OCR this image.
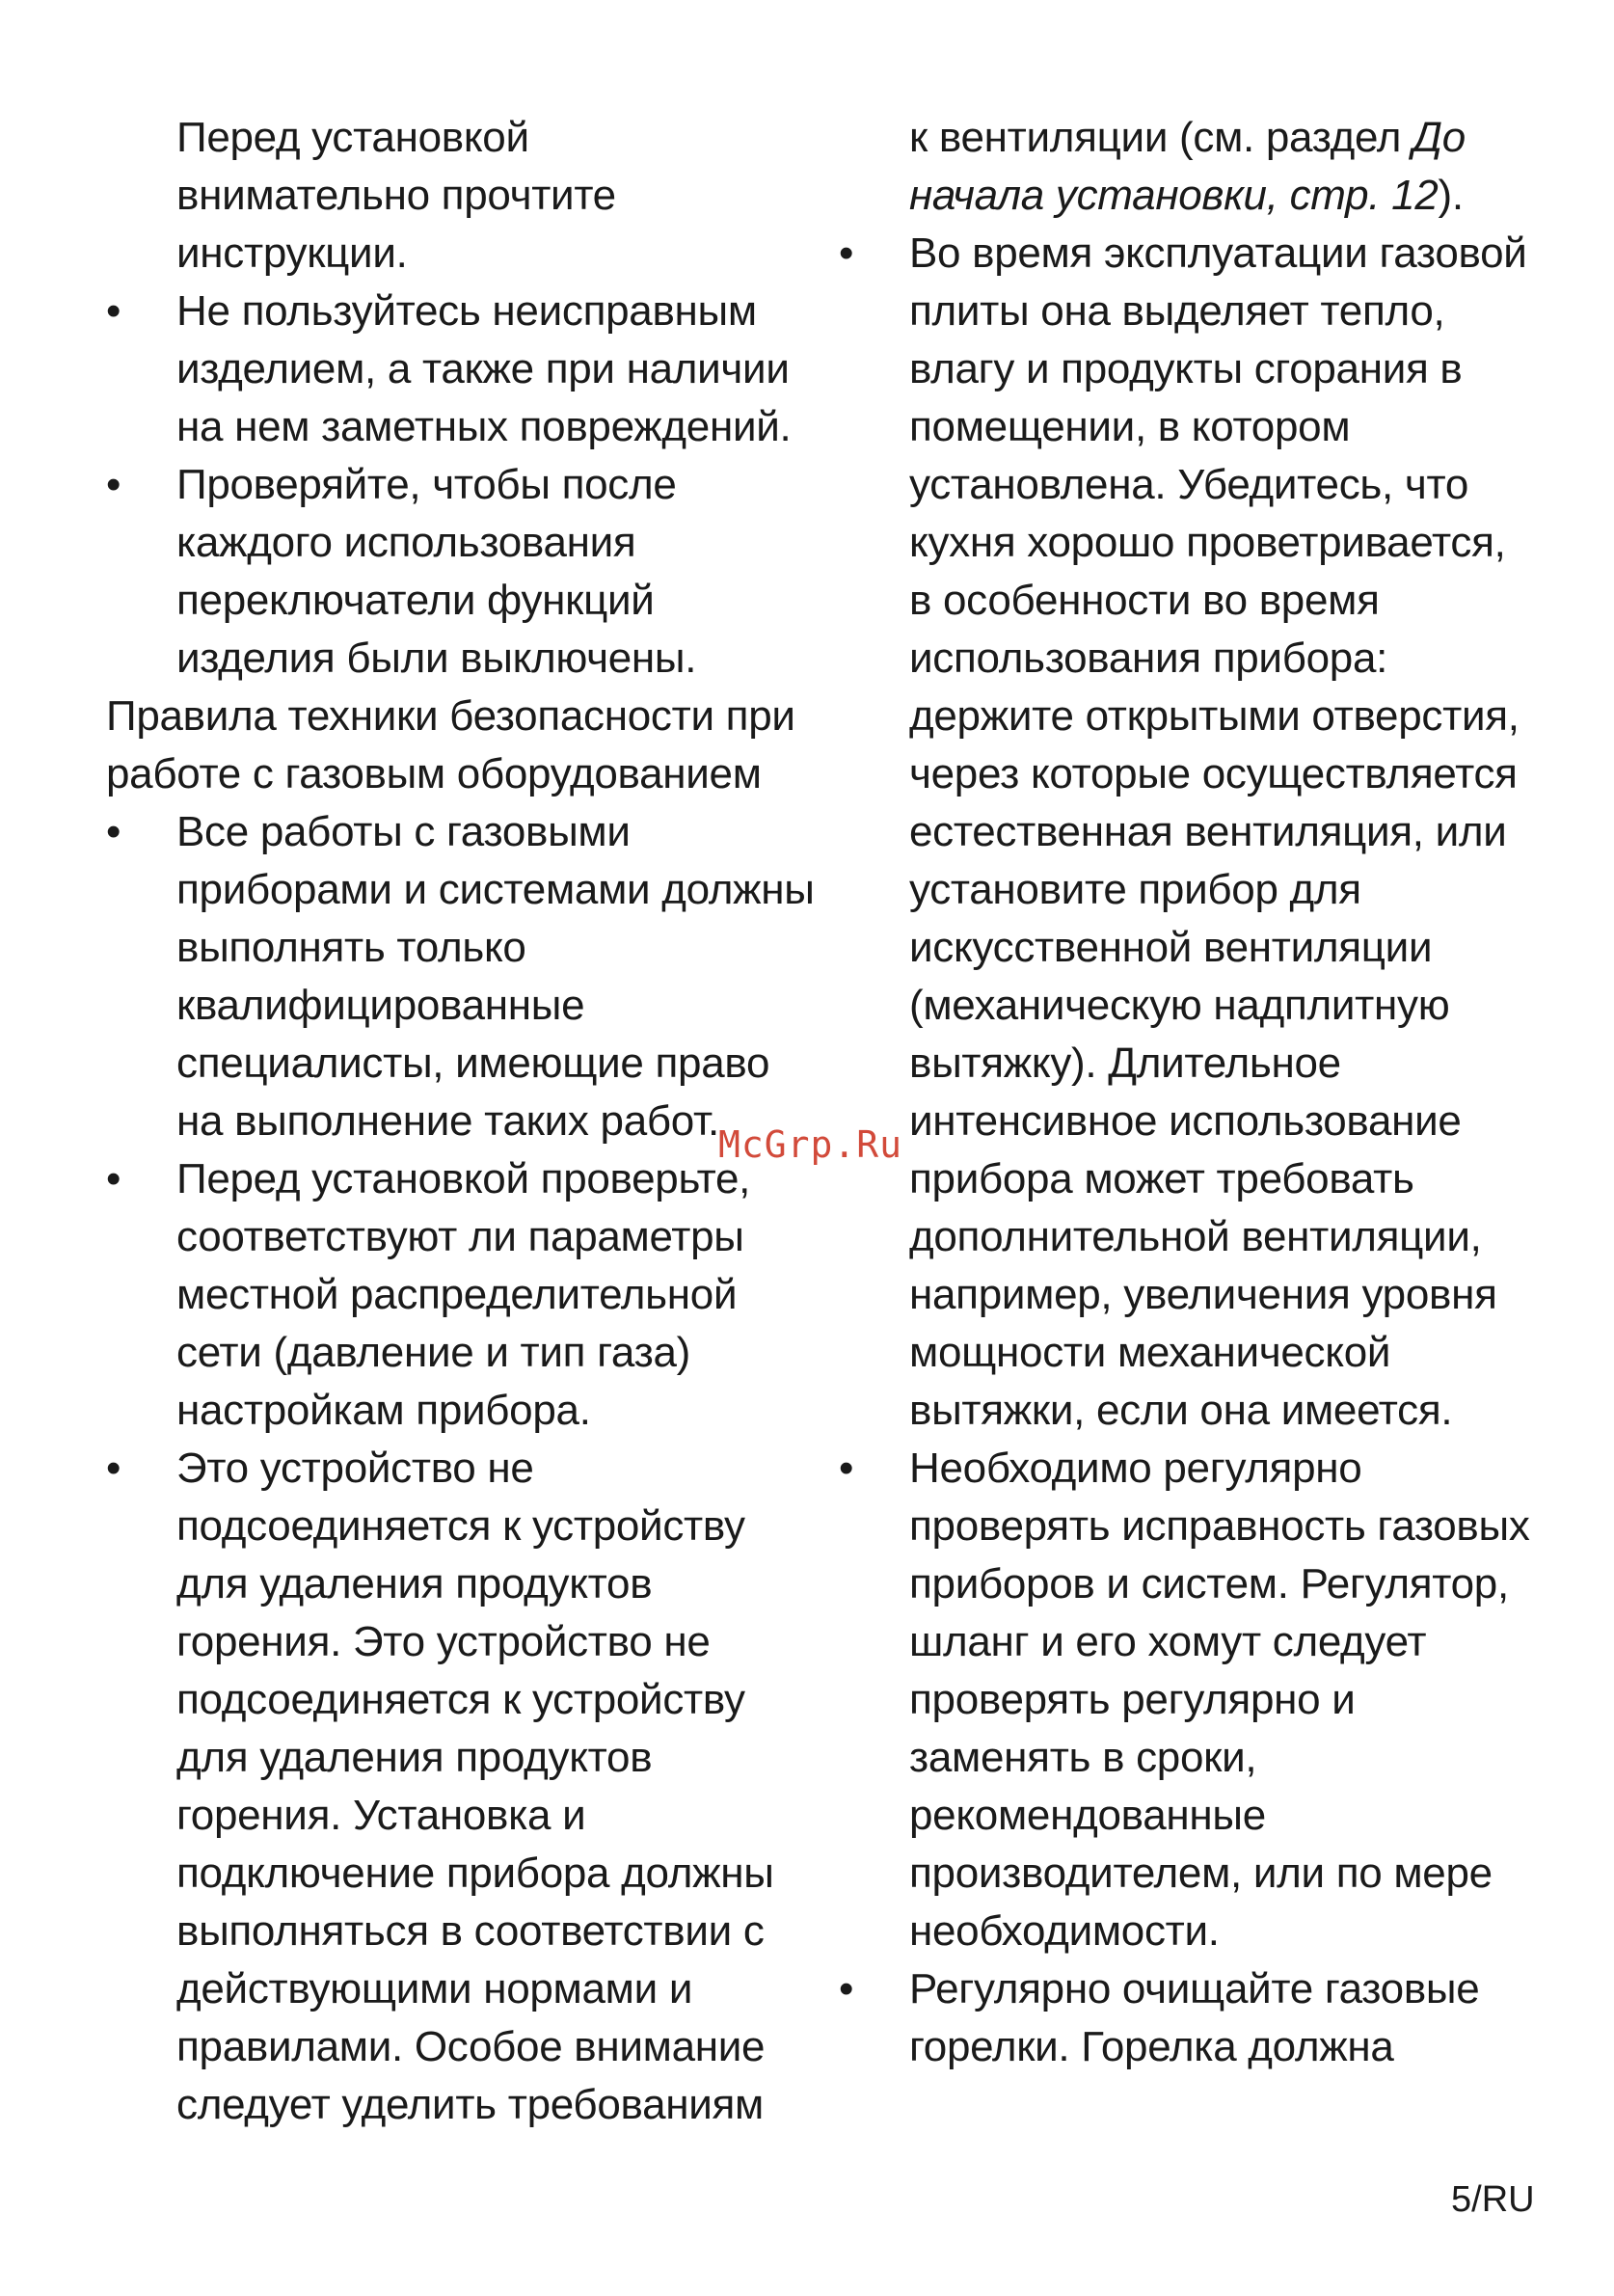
Перед установкой
внимательно прочтите
инструкции.

•	Не пользуйтесь неисправным изделием, а также при наличии на нем заметных повреждений.
•	Проверяйте, чтобы после каждого использования переключатели функций изделия были выключены.

Правила техники безопасности при работе с газовым оборудованием

•	Все работы с газовыми приборами и системами должны выполнять только квалифицированные специалисты, имеющие право на выполнение таких работ.
•	Перед установкой проверьте, соответствуют ли параметры местной распределительной сети (давление и тип газа) настройкам прибора.
•	Это устройство не подсоединяется к устройству для удаления продуктов горения. Это устройство не подсоединяется к устройству для удаления продуктов горения. Установка и подключение прибора должны выполняться в соответствии с действующими нормами и правилами. Особое внимание следует уделить требованиям

к вентиляции (см. раздел До начала установки, стр. 12).

•	Во время эксплуатации газовой плиты она выделяет тепло, влагу и продукты сгорания в помещении, в котором установлена. Убедитесь, что кухня хорошо проветривается, в особенности во время использования прибора: держите открытыми отверстия, через которые осуществляется естественная вентиляция, или установите прибор для искусственной вентиляции (механическую надплитную вытяжку). Длительное интенсивное использование прибора может требовать дополнительной вентиляции, например, увеличения уровня мощности механической вытяжки, если она имеется.
•	Необходимо регулярно проверять исправность газовых приборов и систем. Регулятор, шланг и его хомут следует проверять регулярно и заменять в сроки, рекомендованные производителем, или по мере необходимости.
•	Регулярно очищайте газовые горелки. Горелка должна
McGrp.Ru
5/RU
